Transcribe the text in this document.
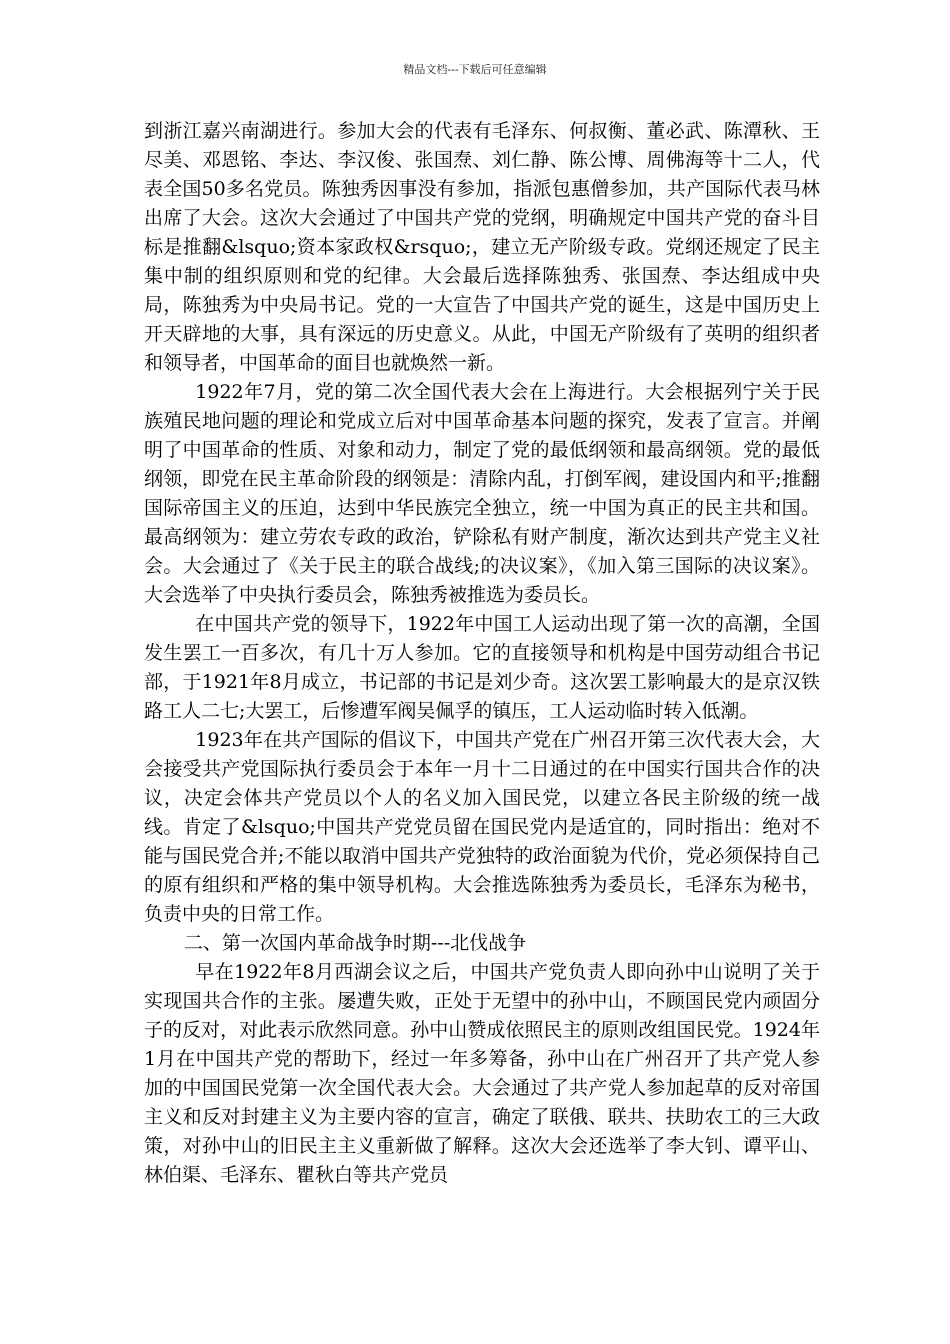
精品文档---下载后可任意编辑

到浙江嘉兴南湖进行。参加大会的代表有毛泽东、何叔衡、董必武、陈潭秋、王尽美、邓恩铭、李达、李汉俊、张国焘、刘仁静、陈公博、周佛海等十二人，代表全国50多名党员。陈独秀因事没有参加，指派包惠僧参加，共产国际代表马林出席了大会。这次大会通过了中国共产党的党纲，明确规定中国共产党的奋斗目标是推翻&lsquo;资本家政权&rsquo;，建立无产阶级专政。党纲还规定了民主集中制的组织原则和党的纪律。大会最后选择陈独秀、张国焘、李达组成中央局，陈独秀为中央局书记。党的一大宣告了中国共产党的诞生，这是中国历史上开天辟地的大事，具有深远的历史意义。从此，中国无产阶级有了英明的组织者和领导者，中国革命的面目也就焕然一新。

1922年7月，党的第二次全国代表大会在上海进行。大会根据列宁关于民族殖民地问题的理论和党成立后对中国革命基本问题的探究，发表了宣言。并阐明了中国革命的性质、对象和动力，制定了党的最低纲领和最高纲领。党的最低纲领，即党在民主革命阶段的纲领是：清除内乱，打倒军阀，建设国内和平;推翻国际帝国主义的压迫，达到中华民族完全独立，统一中国为真正的民主共和国。最高纲领为：建立劳农专政的政治，铲除私有财产制度，渐次达到共产党主义社会。大会通过了《关于民主的联合战线;的决议案》，《加入第三国际的决议案》。大会选举了中央执行委员会，陈独秀被推选为委员长。

在中国共产党的领导下，1922年中国工人运动出现了第一次的高潮，全国发生罢工一百多次，有几十万人参加。它的直接领导和机构是中国劳动组合书记部，于1921年8月成立，书记部的书记是刘少奇。这次罢工影响最大的是京汉铁路工人二七;大罢工，后惨遭军阀吴佩孚的镇压，工人运动临时转入低潮。

1923年在共产国际的倡议下，中国共产党在广州召开第三次代表大会，大会接受共产党国际执行委员会于本年一月十二日通过的在中国实行国共合作的决议，决定会体共产党员以个人的名义加入国民党，以建立各民主阶级的统一战线。肯定了&lsquo;中国共产党党员留在国民党内是适宜的，同时指出：绝对不能与国民党合并;不能以取消中国共产党独特的政治面貌为代价，党必须保持自己的原有组织和严格的集中领导机构。大会推选陈独秀为委员长，毛泽东为秘书，负责中央的日常工作。

二、第一次国内革命战争时期---北伐战争

早在1922年8月西湖会议之后，中国共产党负责人即向孙中山说明了关于实现国共合作的主张。屡遭失败，正处于无望中的孙中山，不顾国民党内顽固分子的反对，对此表示欣然同意。孙中山赞成依照民主的原则改组国民党。1924年1月在中国共产党的帮助下，经过一年多筹备，孙中山在广州召开了共产党人参加的中国国民党第一次全国代表大会。大会通过了共产党人参加起草的反对帝国主义和反对封建主义为主要内容的宣言，确定了联俄、联共、扶助农工的三大政策，对孙中山的旧民主主义重新做了解释。这次大会还选举了李大钊、谭平山、林伯渠、毛泽东、瞿秋白等共产党员
